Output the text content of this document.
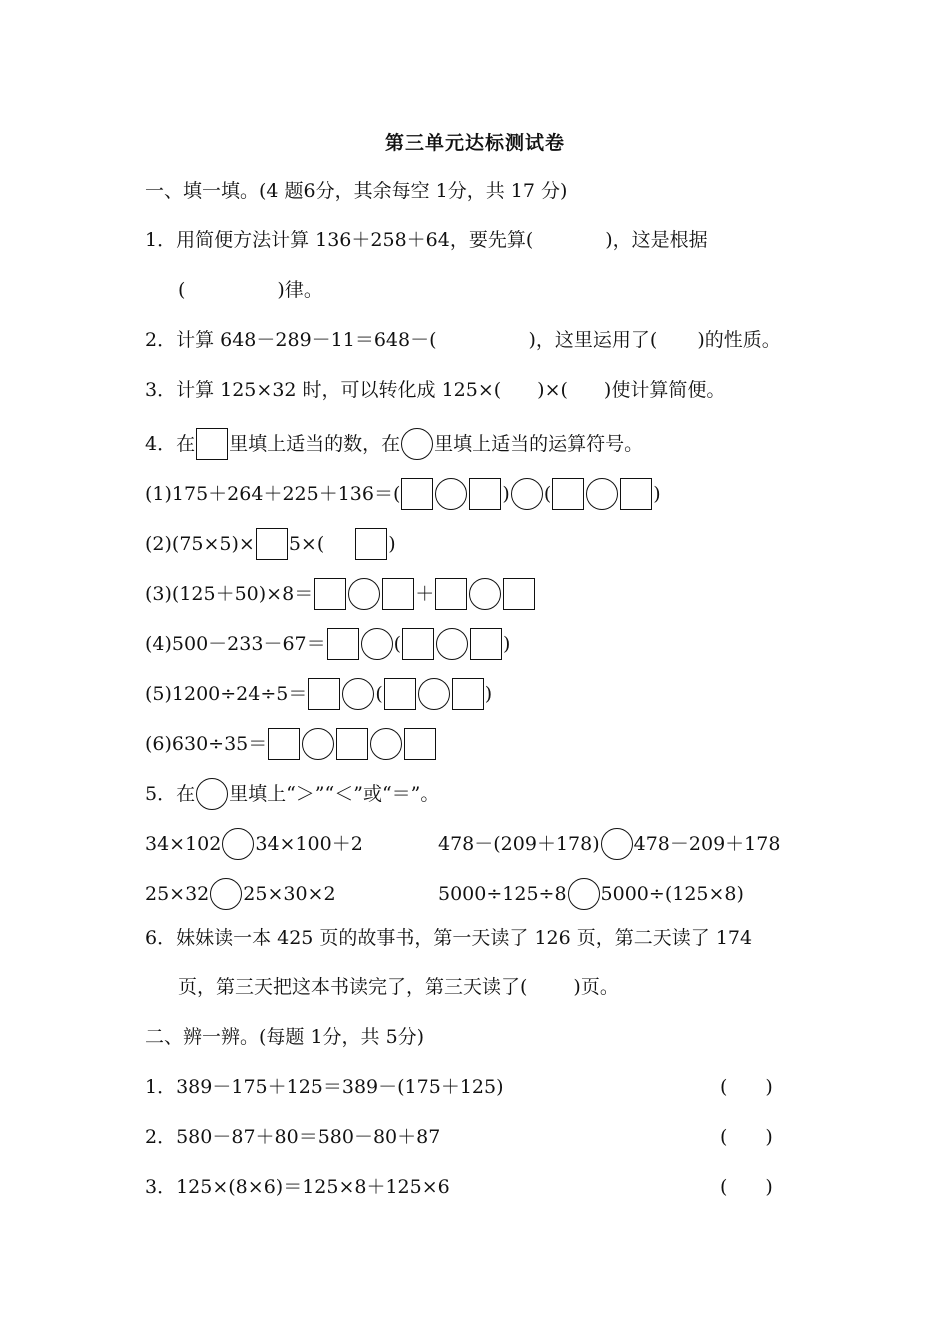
第三单元达标测试卷
一、填一填。(4 题6分，其余每空 1分，共 17 分)
1．用简便方法计算 136＋258＋64，要先算(	)，这是根据
(	)律。
2．计算 648－289－11＝648－(	)，这里运用了( )的性质。
3．计算 125×32 时，可以转化成 125×( )×( )使计算简便。
4．在 里填上适当的数，在 里填上适当的运算符号。
(1)175＋264＋225＋136＝(	) (	)
(2)(75×5)× 5×(	)
(3)(125＋50)×8＝	＋
(4)500－233－67＝	(	)
(5)1200÷24÷5＝	(	)
(6)630÷35＝
5．在 里填上“＞”“＜”或“＝”。
34×102 34×100＋2	478－(209＋178) 478－209＋178
25×32 25×30×2	5000÷125÷8 5000÷(125×8)
6．妹妹读一本 425 页的故事书，第一天读了 126 页，第二天读了 174
页，第三天把这本书读完了，第三天读了( )页。
二、辨一辨。(每题 1分，共 5分)
1．389－175＋125＝389－(175＋125)	(　　)
2．580－87＋80＝580－80＋87	(　　)
3．125×(8×6)＝125×8＋125×6	(　　)
